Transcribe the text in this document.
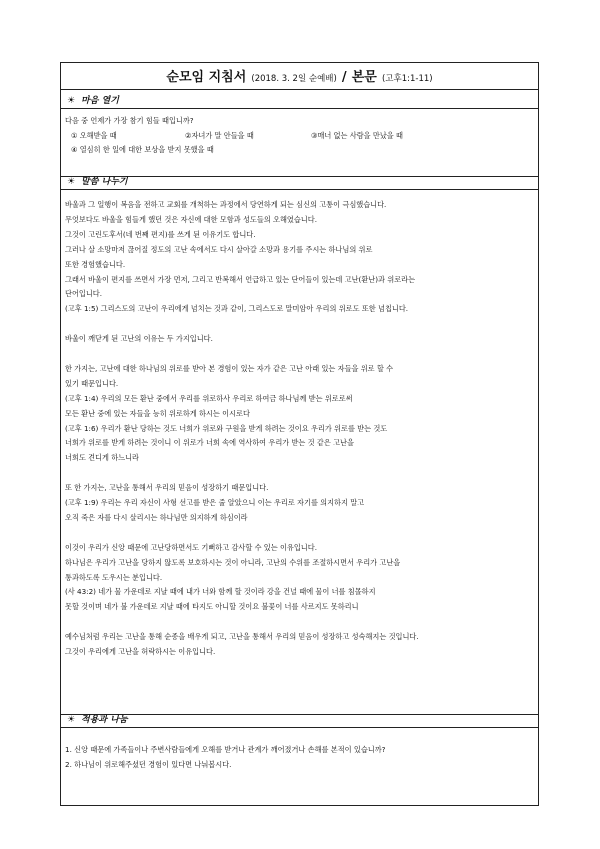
순모임 지침서 (2018. 3. 2일 순예배) / 본문 (고후1:1-11)
☀ 마음 열기
다음 중 언제가 가장 참기 힘들 때입니까?
① 오해받을 때	②자녀가 말 안들을 때	③매너 없는 사람을 만났을 때
④ 열심히 한 일에 대한 보상을 받지 못했을 때
☀ 말씀 나누기
바울과 그 일행이 복음을 전하고 교회를 개척하는 과정에서 당연하게 되는 심신의 고통이 극심했습니다.
무엇보다도 바울을 힘들게 했던 것은 자신에 대한 모함과 성도들의 오해였습니다.
그것이 고린도후서(네 번째 편지)를 쓰게 된 이유기도 합니다.
그러나 살 소망마저 끊어질 정도의 고난 속에서도 다시 살아갈 소망과 용기를 주시는 하나님의 위로
또한 경험했습니다.
그래서 바울이 편지를 쓰면서 가장 먼저, 그리고 반복해서 언급하고 있는 단어들이 있는데 고난(환난)과 위로라는
단어입니다.
(고후 1:5) 그리스도의 고난이 우리에게 넘치는 것과 같이, 그리스도로 말미암아 우리의 위로도 또한 넘칩니다.
바울이 깨닫게 된 고난의 이유는 두 가지입니다.
한 가지는, 고난에 대한 하나님의 위로를 받아 본 경험이 있는 자가 같은 고난 아래 있는 자들을 위로 할 수
있기 때문입니다.
(고후 1:4) 우리의 모든 환난 중에서 우리를 위로하사 우리로 하여금 하나님께 받는 위로로써
모든 환난 중에 있는 자들을 능히 위로하게 하시는 이시로다
(고후 1:6) 우리가 환난 당하는 것도 너희가 위로와 구원을 받게 하려는 것이요 우리가 위로를 받는 것도
너희가 위로를 받게 하려는 것이니 이 위로가 너희 속에 역사하여 우리가 받는 것 같은 고난을
너희도 견디게 하느니라
또 한 가지는, 고난을 통해서 우리의 믿음이 성장하기 때문입니다.
(고후 1:9) 우리는 우리 자신이 사형 선고를 받은 줄 알았으니 이는 우리로 자기를 의지하지 말고
오직 죽은 자를 다시 살리시는 하나님만 의지하게 하심이라
이것이 우리가 신앙 때문에 고난당하면서도 기뻐하고 감사할 수 있는 이유입니다.
하나님은 우리가 고난을 당하지 않도록 보호하시는 것이 아니라, 고난의 수위를 조절하시면서 우리가 고난을
통과하도록 도우시는 분입니다.
(사 43:2) 네가 물 가운데로 지날 때에 내가 너와 함께 할 것이라 강을 건널 때에 물이 너를 침몰하지
못할 것이며 네가 불 가운데로 지날 때에 타지도 아니할 것이요 불꽃이 너를 사르지도 못하리니
예수님처럼 우리는 고난을 통해 순종을 배우게 되고, 고난을 통해서 우리의 믿음이 성장하고 성숙해지는 것입니다.
그것이 우리에게 고난을 허락하시는 이유입니다.
☀ 적용과 나눔
1. 신앙 때문에 가족들이나 주변사람들에게 오해를 받거나 관계가 깨어졌거나 손해를 본적이 있습니까?
2. 하나님이 위로해주셨던 경험이 있다면 나눠봅시다.
